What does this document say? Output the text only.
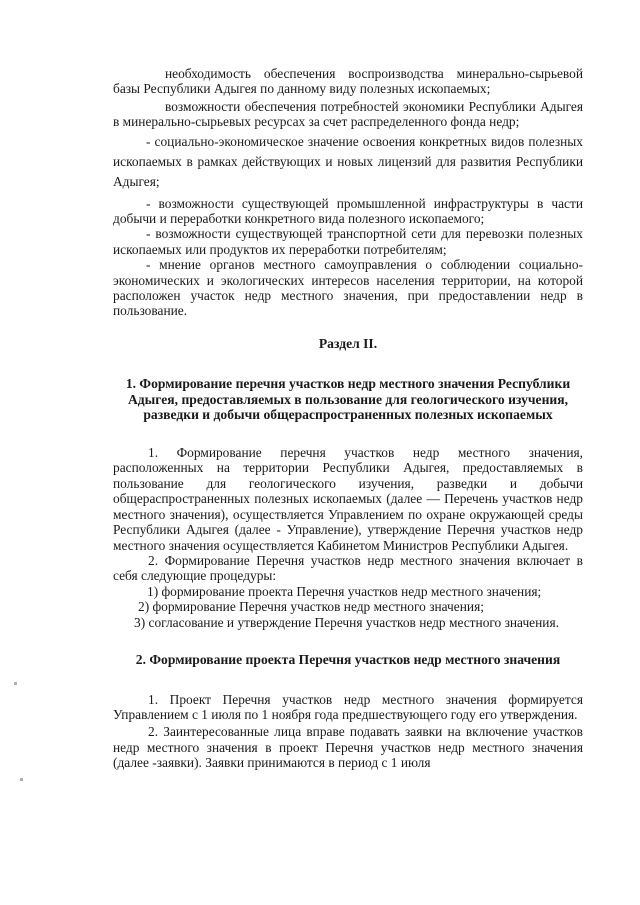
необходимость обеспечения воспроизводства минерально-сырьевой базы Республики Адыгея по данному виду полезных ископаемых;

возможности обеспечения потребностей экономики Республики Адыгея в минерально-сырьевых ресурсах за счет распределенного фонда недр;

- социально-экономическое значение освоения конкретных видов полезных ископаемых в рамках действующих и новых лицензий для развития Республики Адыгея;

- возможности существующей промышленной инфраструктуры в части добычи и переработки конкретного вида полезного ископаемого;

- возможности существующей транспортной сети для перевозки полезных ископаемых или продуктов их переработки потребителям;

- мнение органов местного самоуправления о соблюдении социально-экономических и экологических интересов населения территории, на которой расположен участок недр местного значения, при предоставлении недр в пользование.

Раздел II.
1. Формирование перечня участков недр местного значения Республики Адыгея, предоставляемых в пользование для геологического изучения, разведки и добычи общераспространенных полезных ископаемых

1. Формирование перечня участков недр местного значения, расположенных на территории Республики Адыгея, предоставляемых в пользование для геологического изучения, разведки и добычи общераспространенных полезных ископаемых (далее — Перечень участков недр местного значения), осуществляется Управлением по охране окружающей среды Республики Адыгея (далее - Управление), утверждение Перечня участков недр местного значения осуществляется Кабинетом Министров Республики Адыгея.

2. Формирование Перечня участков недр местного значения включает в себя следующие процедуры:

1) формирование проекта Перечня участков недр местного значения;

2) формирование Перечня участков недр местного значения;

3) согласование и утверждение Перечня участков недр местного значения.

2. Формирование проекта Перечня участков недр местного значения

1. Проект Перечня участков недр местного значения формируется Управлением с 1 июля по 1 ноября года предшествующего году его утверждения.

2. Заинтересованные лица вправе подавать заявки на включение участков недр местного значения в проект Перечня участков недр местного значения (далее -заявки). Заявки принимаются в период с 1 июля
